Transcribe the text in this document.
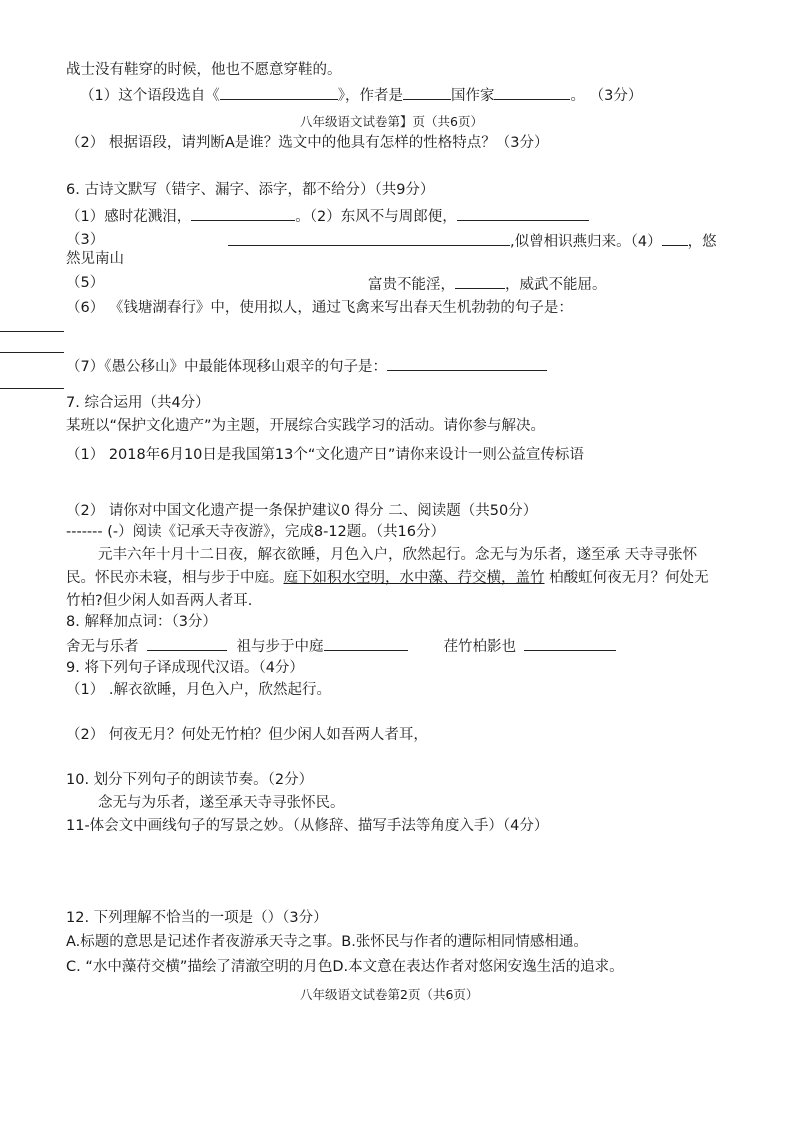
战士没有鞋穿的时候，他也不愿意穿鞋的。
（1）这个语段选自《	》，作者是	国作家	。 （3分）
八年级语文试卷第】页（共6页）
（2） 根据语段，请判断A是谁？选文中的他具有怎样的性格特点？（3分）
6. 古诗文默写（错字、漏字、添字，都不给分）（共9分）
（1）感时花溅泪，	。（2）东风不与周郎便，
（3）	,似曾相识燕归来。（4） ，悠
然见南山
（5）	富贵不能淫，	，威武不能屈。
（6） 《钱塘湖春行》中，使用拟人，通过飞禽来写出春天生机勃勃的句子是：
（7）《愚公移山》中最能体现移山艰辛的句子是：
7. 综合运用（共4分）
某班以“保护文化遗产”为主题，开展综合实践学习的活动。请你参与解决。
（1） 2018年6月10日是我国第13个“文化遗产日”请你来设计一则公益宣传标语
（2） 请你对中国文化遗产提一条保护建议0 得分 二、阅读题（共50分）
------- (-）阅读《记承天寺夜游》，完成8-12题。（共16分）
元丰六年十月十二日夜，解衣欲睡，月色入户，欣然起行。念无与为乐者，遂至承 天寺寻张怀
民。怀民亦未寝，相与步于中庭。庭下如积水空明，水中藻、荇交横，盖竹 柏酸虹何夜无月？何处无
竹柏?但少闲人如吾两人者耳.
8. 解释加点词：（3分）
舍无与乐者	祖与步于中庭	荏竹柏影也
9. 将下列句子译成现代汉语。（4分）
（1） .解衣欲睡，月色入户，欣然起行。
（2） 何夜无月？何处无竹柏？但少闲人如吾两人者耳，
10. 划分下列句子的朗读节奏。（2分）
念无与为乐者，遂至承天寺寻张怀民。
11-体会文中画线句子的写景之妙。（从修辞、描写手法等角度入手）（4分）
12. 下列理解不恰当的一项是（）（3分）
A.标题的意思是记述作者夜游承天寺之事。B.张怀民与作者的遭际相同情感相通。
C. “水中藻苻交横”描绘了清澈空明的月色D.本文意在表达作者对悠闲安逸生活的追求。
八年级语文试卷第2页（共6页）
